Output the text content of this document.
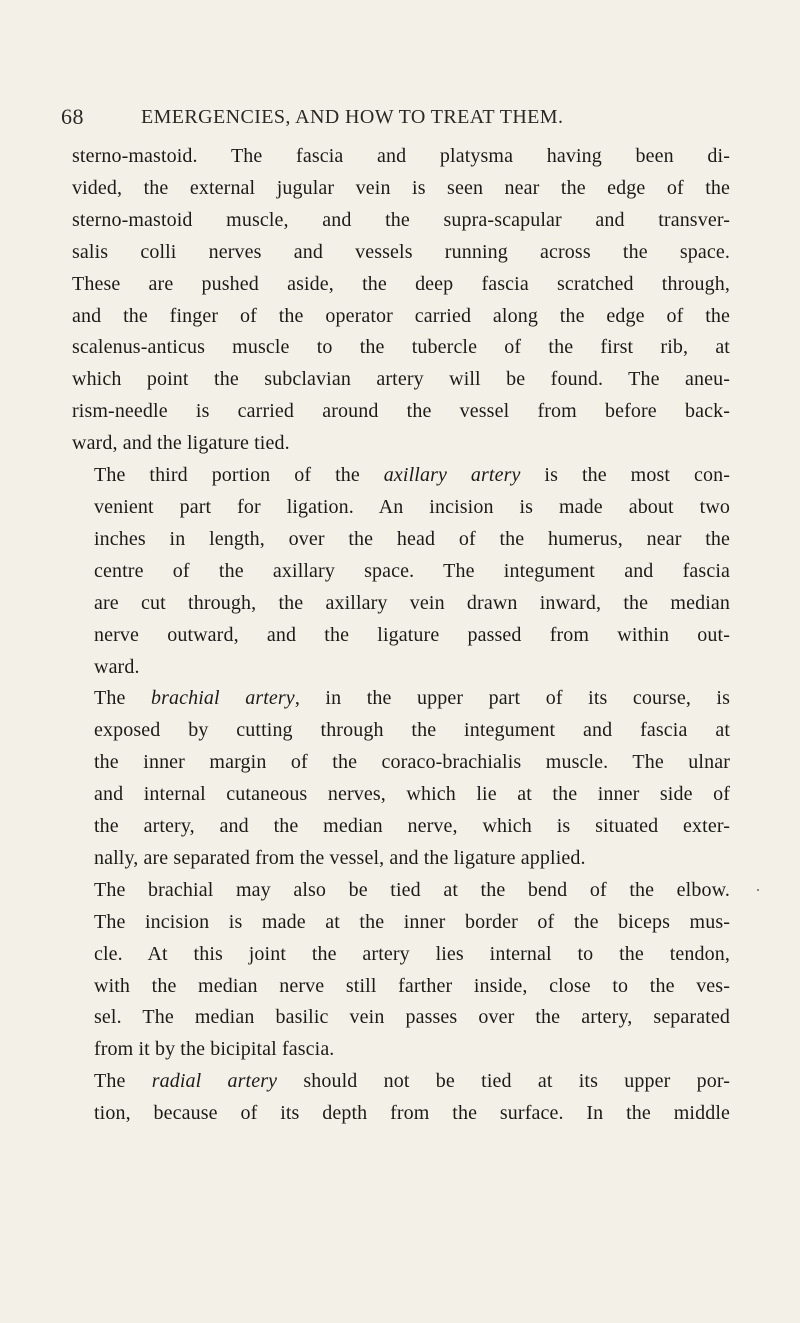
68	EMERGENCIES, AND HOW TO TREAT THEM.

sterno-mastoid. The fascia and platysma having been di-
vided, the external jugular vein is seen near the edge of the
sterno-mastoid muscle, and the supra-scapular and transver-
salis colli nerves and vessels running across the space.
These are pushed aside, the deep fascia scratched through,
and the finger of the operator carried along the edge of the
scalenus-anticus muscle to the tubercle of the first rib, at
which point the subclavian artery will be found. The aneu-
rism-needle is carried around the vessel from before back-
ward, and the ligature tied.

The third portion of the axillary artery is the most con-
venient part for ligation. An incision is made about two
inches in length, over the head of the humerus, near the
centre of the axillary space. The integument and fascia
are cut through, the axillary vein drawn inward, the median
nerve outward, and the ligature passed from within out-
ward.

The brachial artery, in the upper part of its course, is
exposed by cutting through the integument and fascia at
the inner margin of the coraco-brachialis muscle. The ulnar
and internal cutaneous nerves, which lie at the inner side of
the artery, and the median nerve, which is situated exter-
nally, are separated from the vessel, and the ligature applied.

The brachial may also be tied at the bend of the elbow.
The incision is made at the inner border of the biceps mus-
cle. At this joint the artery lies internal to the tendon,
with the median nerve still farther inside, close to the ves-
sel. The median basilic vein passes over the artery, separated
from it by the bicipital fascia.

The radial artery should not be tied at its upper por-
tion, because of its depth from the surface. In the middle
